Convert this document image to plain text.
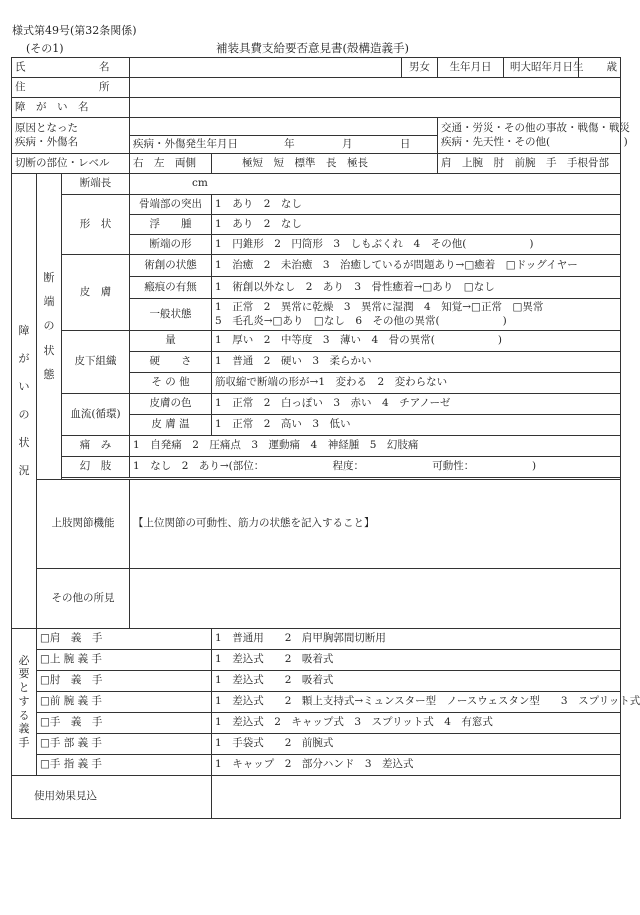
様式第49号(第32条関係)
(その1)	補装具費支給要否意見書(殻構造義手)
氏　　　　　　　名					男女	生年月日	明大昭 年 月 日生	歳
住　　　　　　　所								
障　が　い　名								

原因となった
疾病・外傷名						交通・労災・その他の事故・戦傷・戦災
疾病・先天性・その他(　　　　　　　)		

			疾病・外傷発生年月日 年 月 日					

切断の部位・レベル			右　左　両側	極短　短　標準　長　極長		肩　上腕　肘　前腕　手　手根骨部		
障がいの状況	断端の状態	断端長	cm					
		形　状	骨端部の突出	1　あり　2　なし				
			浮　　腫	1　あり　2　なし				
			断端の形	1　円錐形　2　円筒形　3　しもぶくれ　4　その他(　　　　　　)				
		皮　膚	術創の状態	1　治癒　2　未治癒　3　治癒しているが問題あり→□癒着　□ドッグイヤー				
			瘢痕の有無	1　術創以外なし　2　あり　3　骨性癒着→□あり　□なし				
			一般状態	1　正常　2　異常に乾燥　3　異常に湿潤　4　知覚→□正常　□異常
5　毛孔炎→□あり　□なし　6　その他の異常(　　　　　　)				

		皮下組織	量	1　厚い　2　中等度　3　薄い　4　骨の異常(　　　　　　)				
			硬　　さ	1　普通　2　硬い　3　柔らかい				
			そ の 他	筋収縮で断端の形が→1　変わる　2　変わらない				
		血流(循環)	皮膚の色	1　正常　2　白っぽい　3　赤い　4　チアノーゼ				
			皮 膚 温	1　正常　2　高い　3　低い				
		痛　み	1　自発痛　2　圧痛点　3　運動痛　4　神経腫　5　幻肢痛					
		幻　肢	1　なし　2　あり→(部位：　　　　　　　程度：　　　　　　　可動性：　　　　　　)					

	上肢関節機能		【上位関節の可動性、筋力の状態を記入すること】					
	その他の所見							
必要とする義手	□肩　義　手			1　普通用　　2　肩甲胸郭間切断用				
	□上 腕 義 手			1　差込式　　2　吸着式				
	□肘　義　手			1　差込式　　2　吸着式				
	□前 腕 義 手			1　差込式　　2　顆上支持式→ミュンスター型　ノースウェスタン型　　3　スプリット式				
	□手　義　手			1　差込式　2　キャップ式　3　スプリット式　4　有窓式				
	□手 部 義 手			1　手袋式　　2　前腕式				
	□手 指 義 手			1　キャップ　2　部分ハンド　3　差込式				
使用効果見込								
